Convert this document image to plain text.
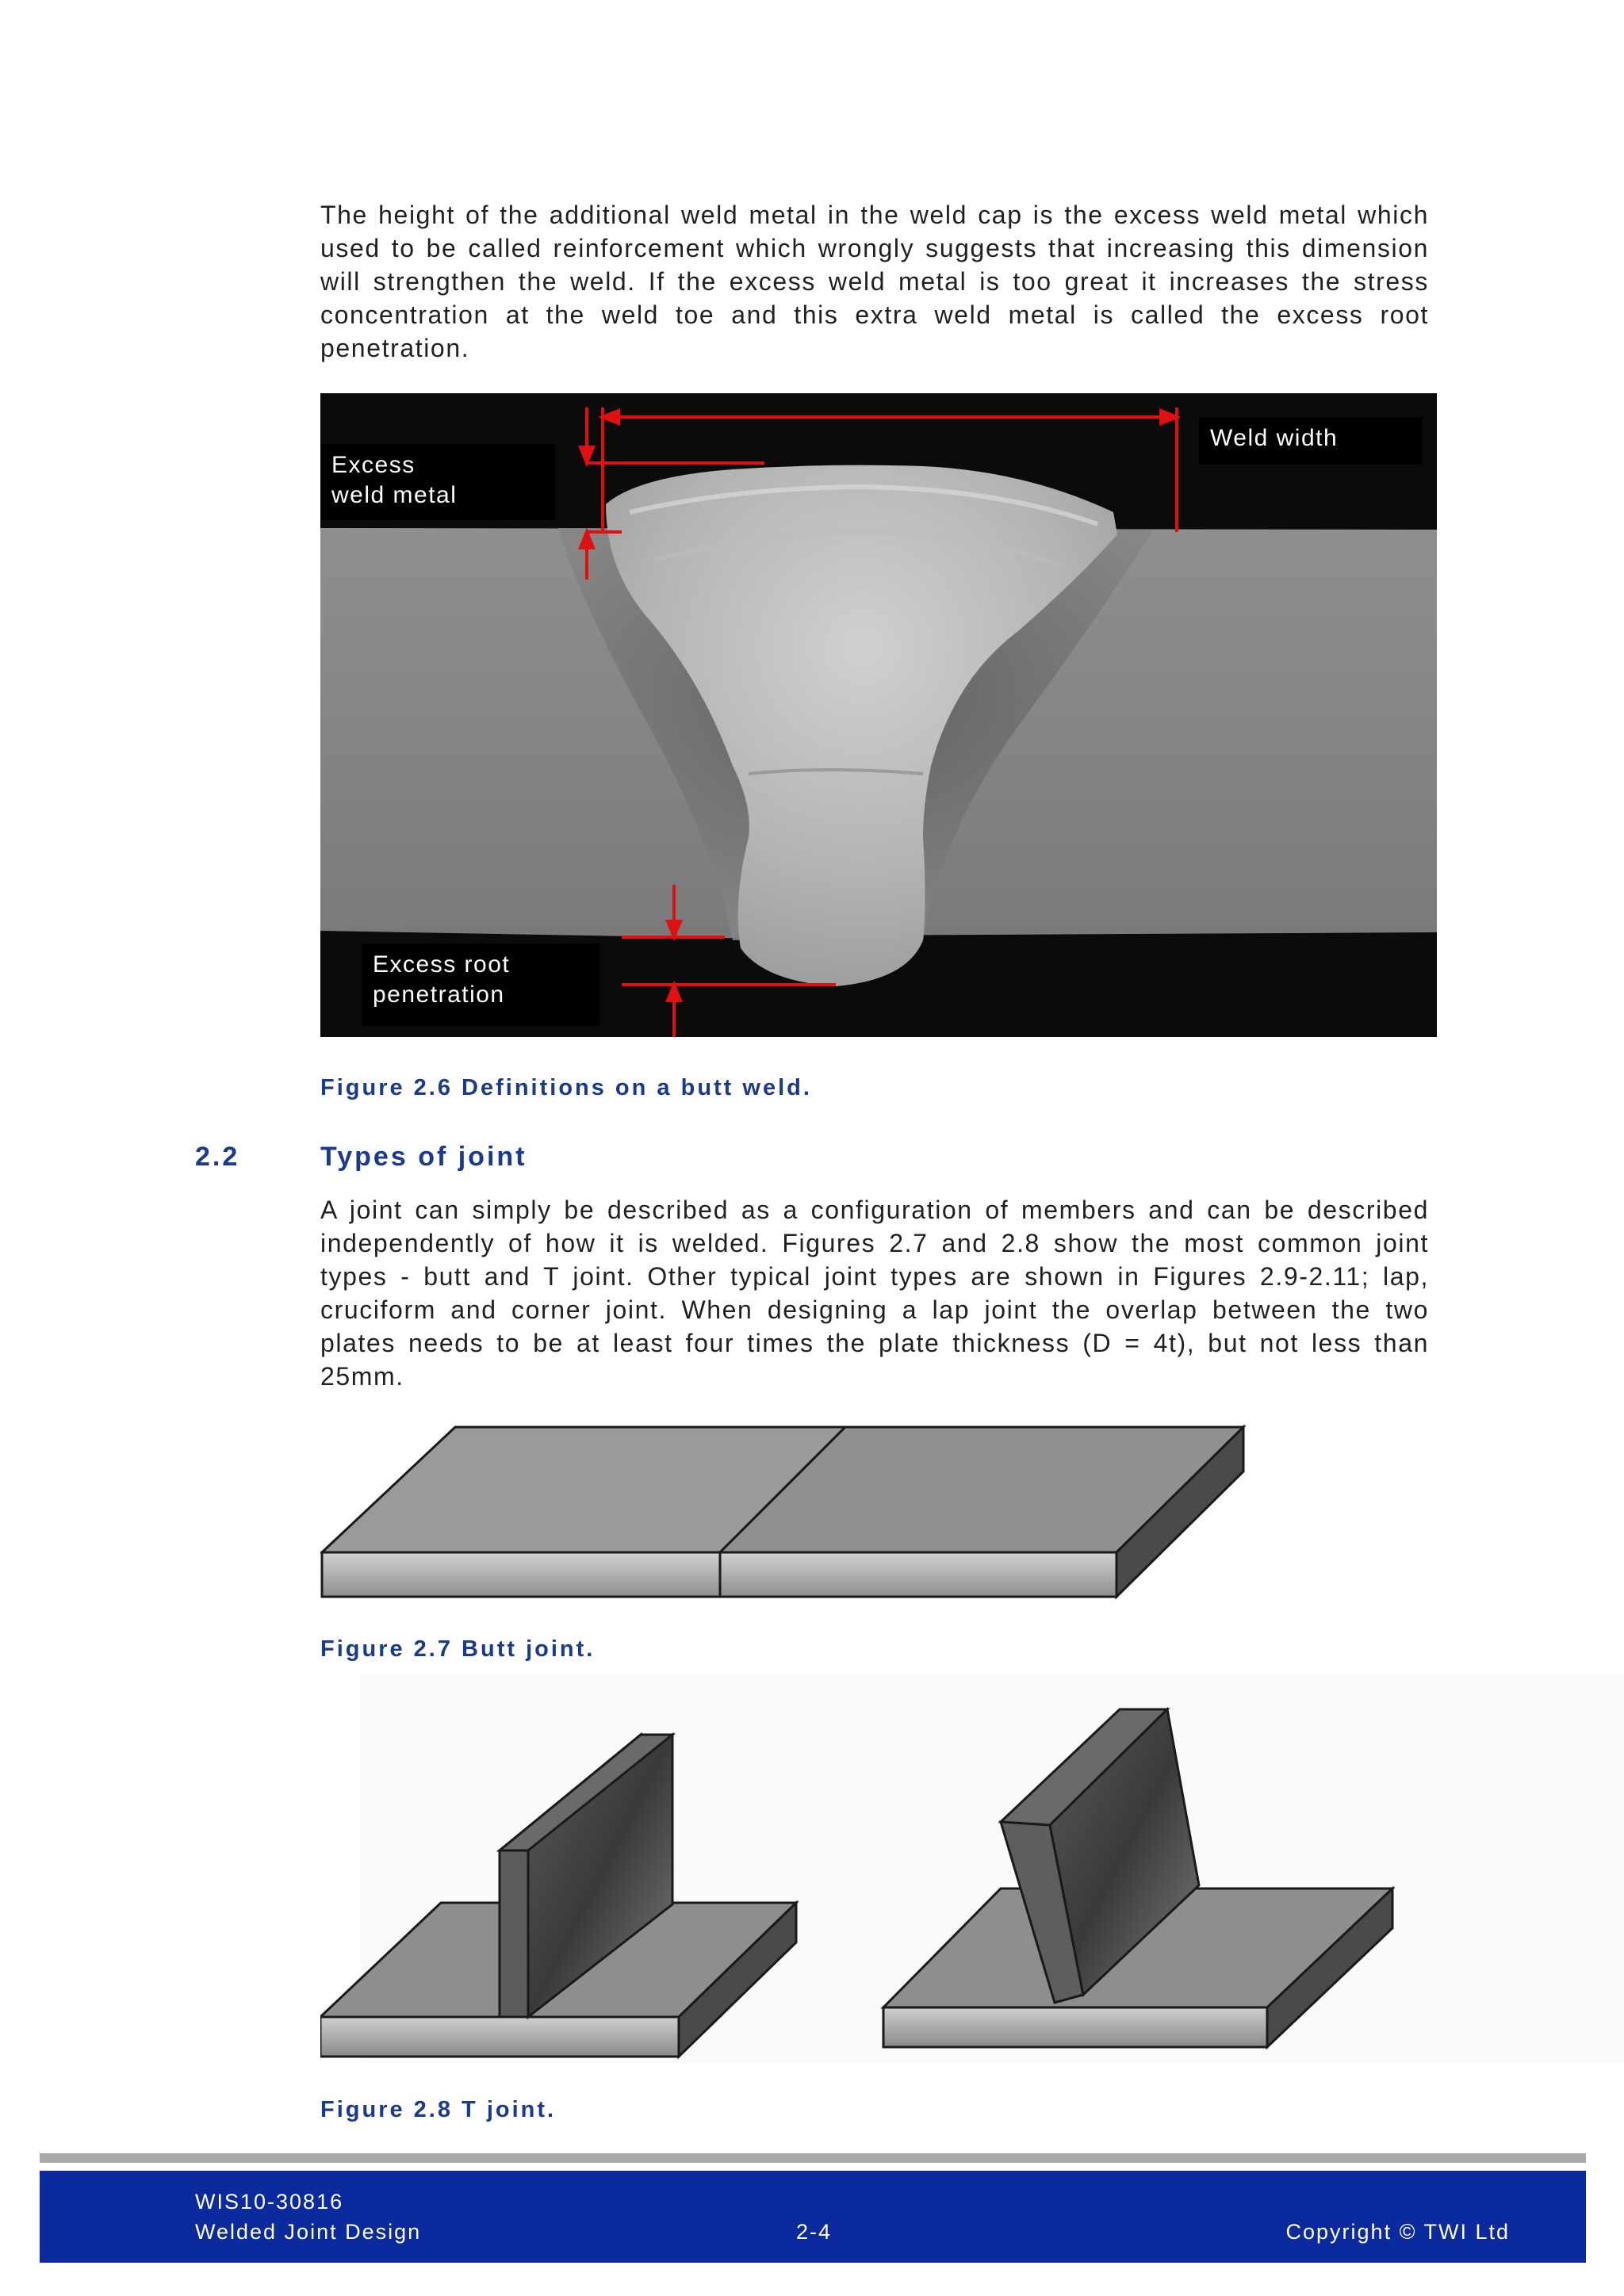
The height of the additional weld metal in the weld cap is the excess weld metal which used to be called reinforcement which wrongly suggests that increasing this dimension will strengthen the weld. If the excess weld metal is too great it increases the stress concentration at the weld toe and this extra weld metal is called the excess root penetration.

Excess
weld metal
Weld width
Excess root
penetration

Figure 2.6 Definitions on a butt weld.

2.2	Types of joint

A joint can simply be described as a configuration of members and can be described independently of how it is welded. Figures 2.7 and 2.8 show the most common joint types - butt and T joint. Other typical joint types are shown in Figures 2.9-2.11; lap, cruciform and corner joint. When designing a lap joint the overlap between the two plates needs to be at least four times the plate thickness (D = 4t), but not less than 25mm.

Figure 2.7 Butt joint.

Figure 2.8 T joint.

WIS10-30816
Welded Joint Design	2-4	Copyright © TWI Ltd
